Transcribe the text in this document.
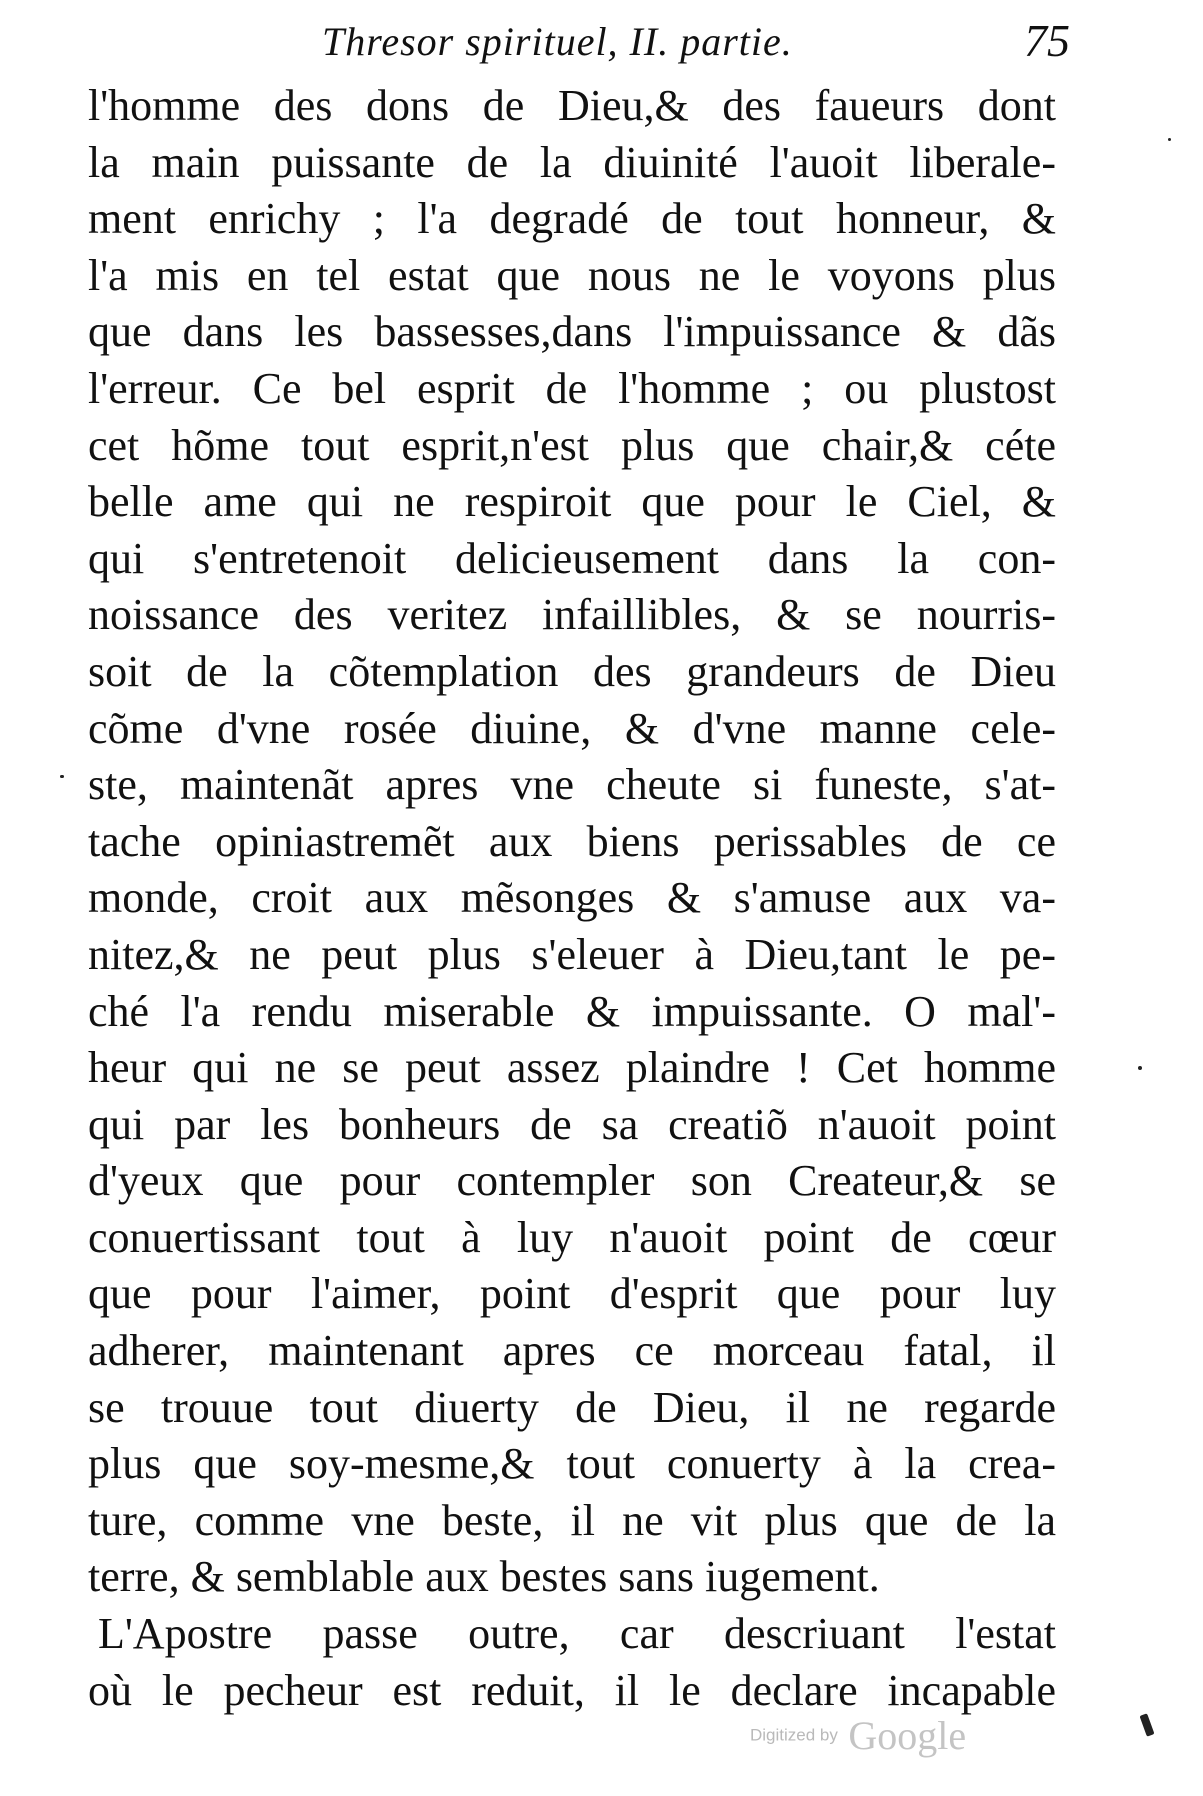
Thresor spirituel, II. partie.	75
l'homme des dons de Dieu,& des faueurs dont
la main puissante de la diuinité l'auoit liberale-
ment enrichy ; l'a degradé de tout honneur, &
l'a mis en tel estat que nous ne le voyons plus
que dans les bassesses,dans l'impuissance & dãs
l'erreur. Ce bel esprit de l'homme ; ou plustost
cet hõme tout esprit,n'est plus que chair,& céte
belle ame qui ne respiroit que pour le Ciel, &
qui s'entretenoit delicieusement dans la con-
noissance des veritez infaillibles, & se nourris-
soit de la cõtemplation des grandeurs de Dieu
cõme d'vne rosée diuine, & d'vne manne cele-
ste, maintenãt apres vne cheute si funeste, s'at-
tache opiniastremẽt aux biens perissables de ce
monde, croit aux mẽsonges & s'amuse aux va-
nitez,& ne peut plus s'eleuer à Dieu,tant le pe-
ché l'a rendu miserable & impuissante. O mal'-
heur qui ne se peut assez plaindre ! Cet homme
qui par les bonheurs de sa creatiõ n'auoit point
d'yeux que pour contempler son Createur,& se
conuertissant tout à luy n'auoit point de cœur
que pour l'aimer, point d'esprit que pour luy
adherer, maintenant apres ce morceau fatal, il
se trouue tout diuerty de Dieu, il ne regarde
plus que soy-mesme,& tout conuerty à la crea-
ture, comme vne beste, il ne vit plus que de la
terre, & semblable aux bestes sans iugement.
L'Apostre passe outre, car descriuant l'estat
où le pecheur est reduit, il le declare incapable
Digitized by Google
